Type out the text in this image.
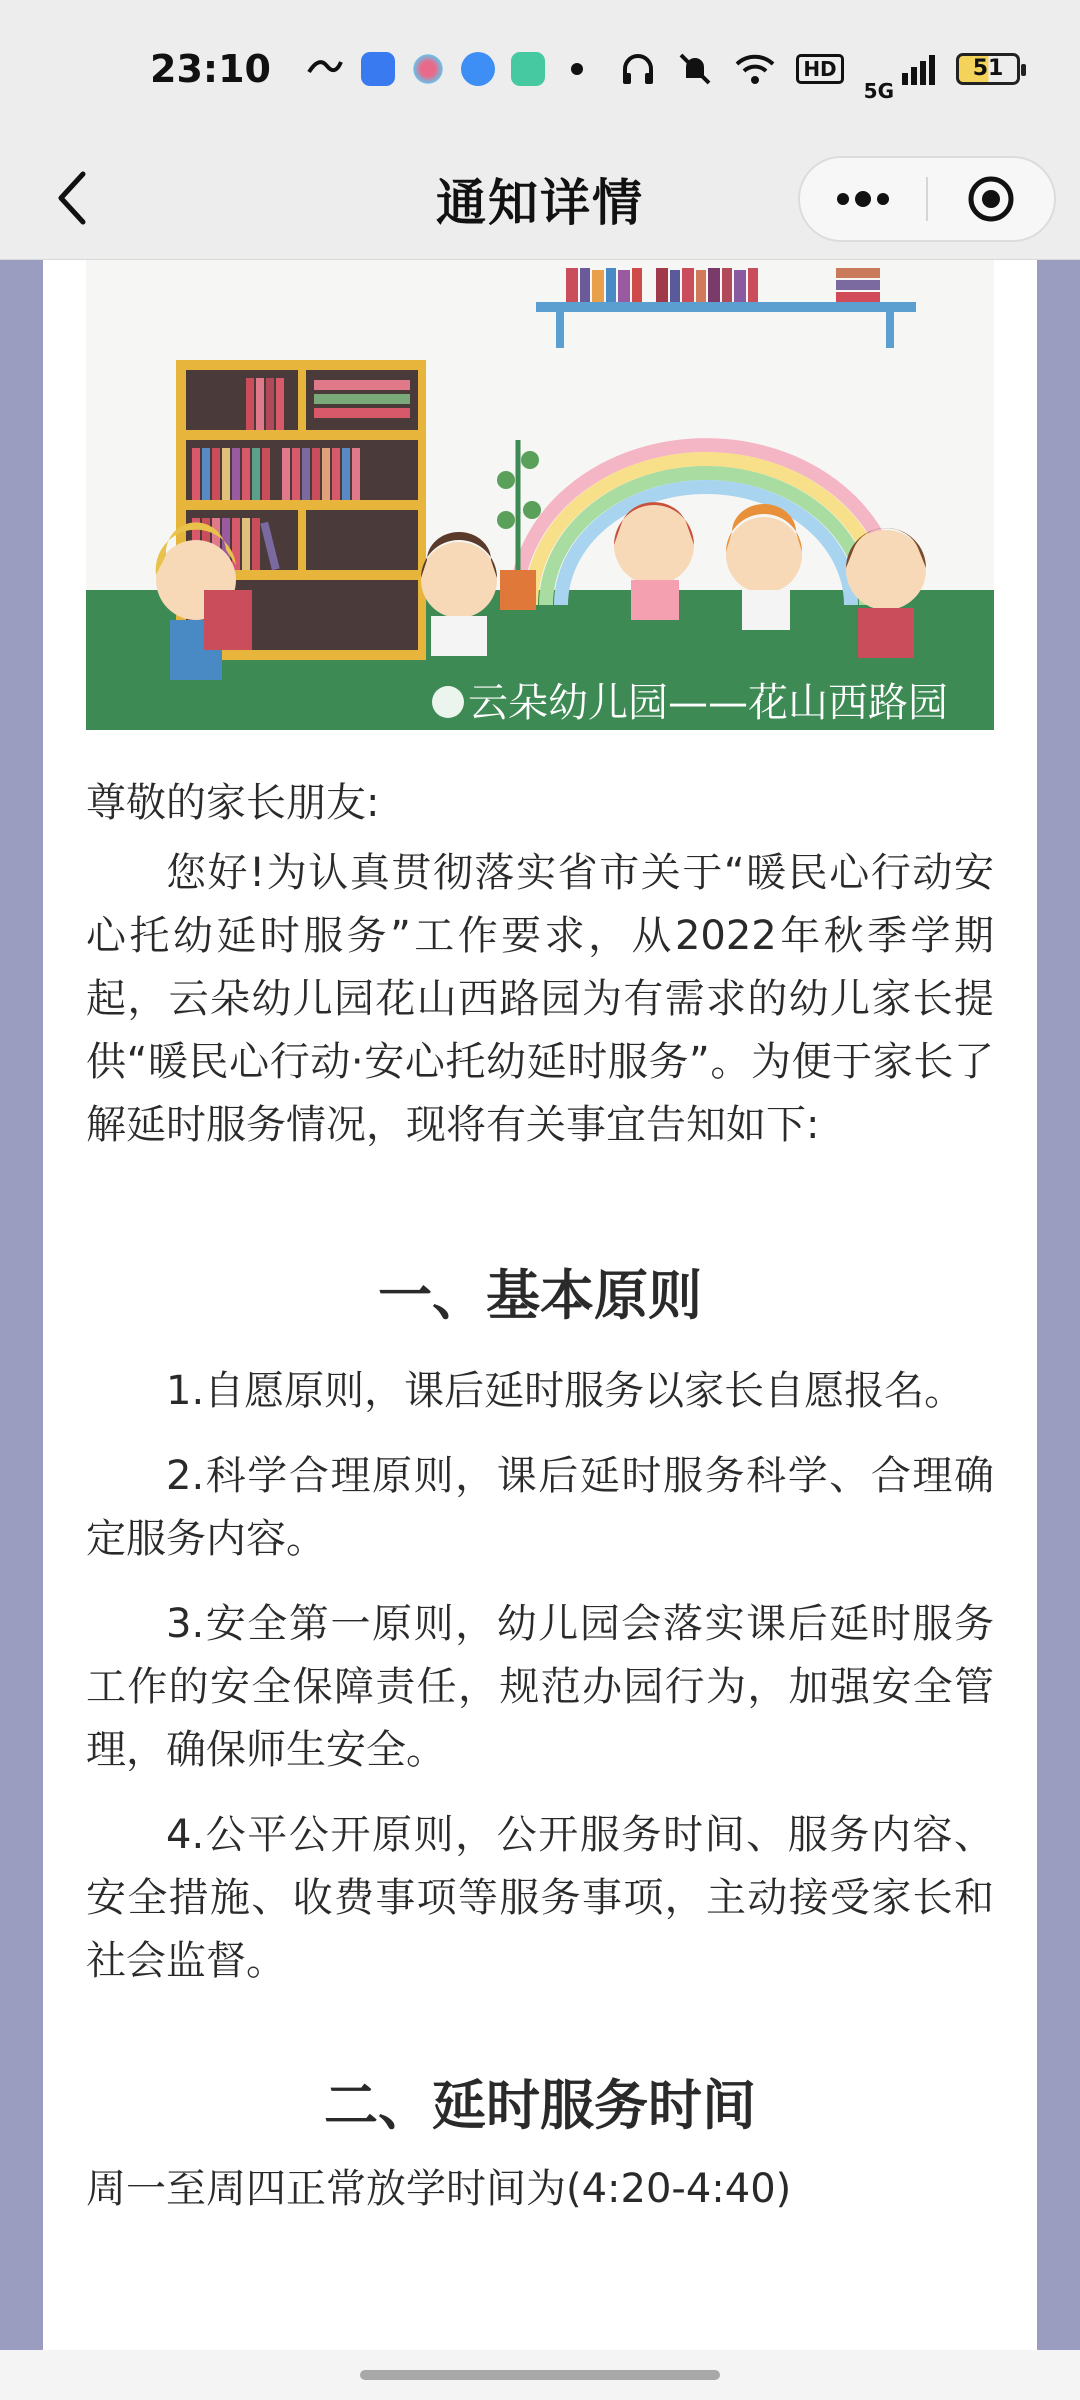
23:10	HD
5G
51
通知详情
云朵幼儿园——花山西路园

尊敬的家长朋友:

您好!为认真贯彻落实省市关于“暖民心行动安心托幼延时服务”工作要求，从2022年秋季学期起，云朵幼儿园花山西路园为有需求的幼儿家长提供“暖民心行动·安心托幼延时服务”。为便于家长了解延时服务情况，现将有关事宜告知如下:

一、基本原则

1.自愿原则，课后延时服务以家长自愿报名。

2.科学合理原则，课后延时服务科学、合理确定服务内容。

3.安全第一原则，幼儿园会落实课后延时服务工作的安全保障责任，规范办园行为，加强安全管理，确保师生安全。

4.公平公开原则，公开服务时间、服务内容、安全措施、收费事项等服务事项，主动接受家长和社会监督。

二、延时服务时间

周一至周四正常放学时间为(4:20-4:40)
